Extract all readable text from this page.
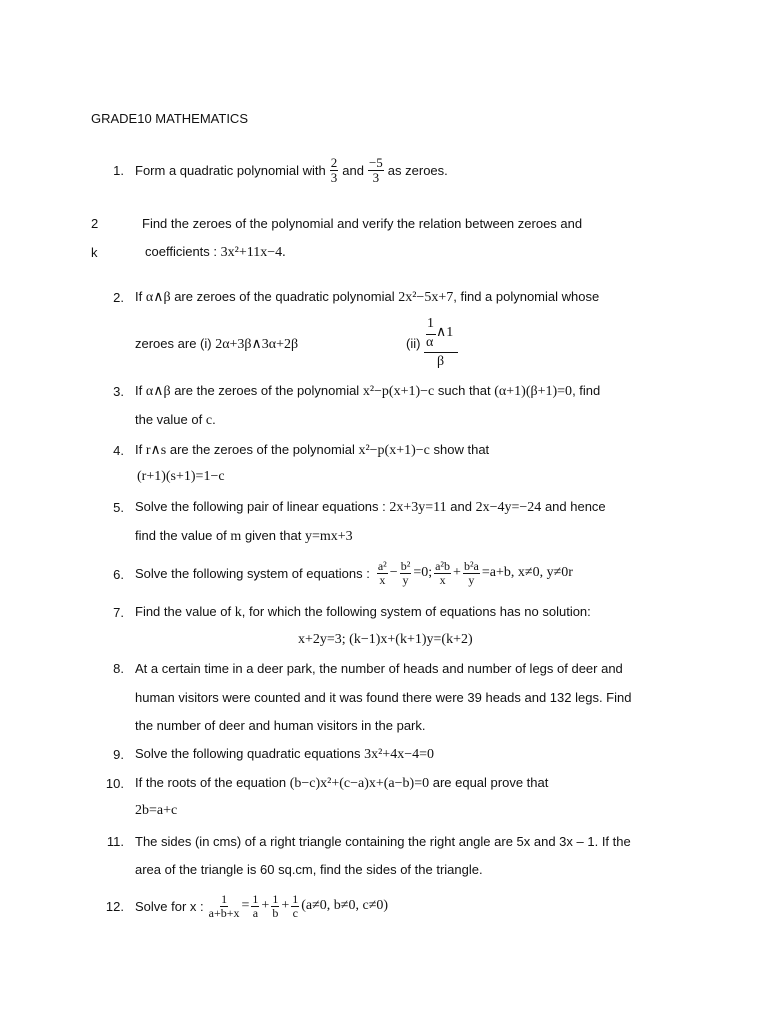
GRADE10 MATHEMATICS
1. Form a quadratic polynomial with $\frac{2}{3}$ and $\frac{-5}{3}$ as zeroes.
2
k
Find the zeroes of the polynomial and verify the relation between zeroes and
coefficients : 3x²+11x−4.
2. If α∧β are zeroes of the quadratic polynomial 2x²−5x+7, find a polynomial whose
zeroes are (i) 2α+3β∧3α+2β	(ii)
1
∧1
α
β
3. If α∧β are the zeroes of the polynomial x²−p(x+1)−c such that (α+1)(β+1)=0, find
the value of c.
4. If r∧s are the zeroes of the polynomial x²−p(x+1)−c show that
(r+1)(s+1)=1−c
5. Solve the following pair of linear equations : 2x+3y=11 and 2x−4y=−24 and hence
find the value of m given that y=mx+3
6. Solve the following system of equations : $\frac{\text{a²}}{x} - \frac{\text{b²}}{y} =0$; $\frac{\text{a²b}}{x} + \frac{\text{b²a}}{y} =a+b$, x≠0, y≠0r
7. Find the value of k, for which the following system of equations has no solution:
x+2y=3; (k−1)x+(k+1)y=(k+2)
8. At a certain time in a deer park, the number of heads and number of legs of deer and
human visitors were counted and it was found there were 39 heads and 132 legs. Find
the number of deer and human visitors in the park.
9. Solve the following quadratic equations 3x²+4x−4=0
10. If the roots of the equation (b−c)x²+(c−a)x+(a−b)=0 are equal prove that
2b=a+c
11. The sides (in cms) of a right triangle containing the right angle are 5x and 3x – 1. If the
area of the triangle is 60 sq.cm, find the sides of the triangle.
12. Solve for x : $\frac{1}{a+b+x} = \frac{1}{a} + \frac{1}{b} + \frac{1}{c} (a\ne 0$, b≠0, c≠0)
